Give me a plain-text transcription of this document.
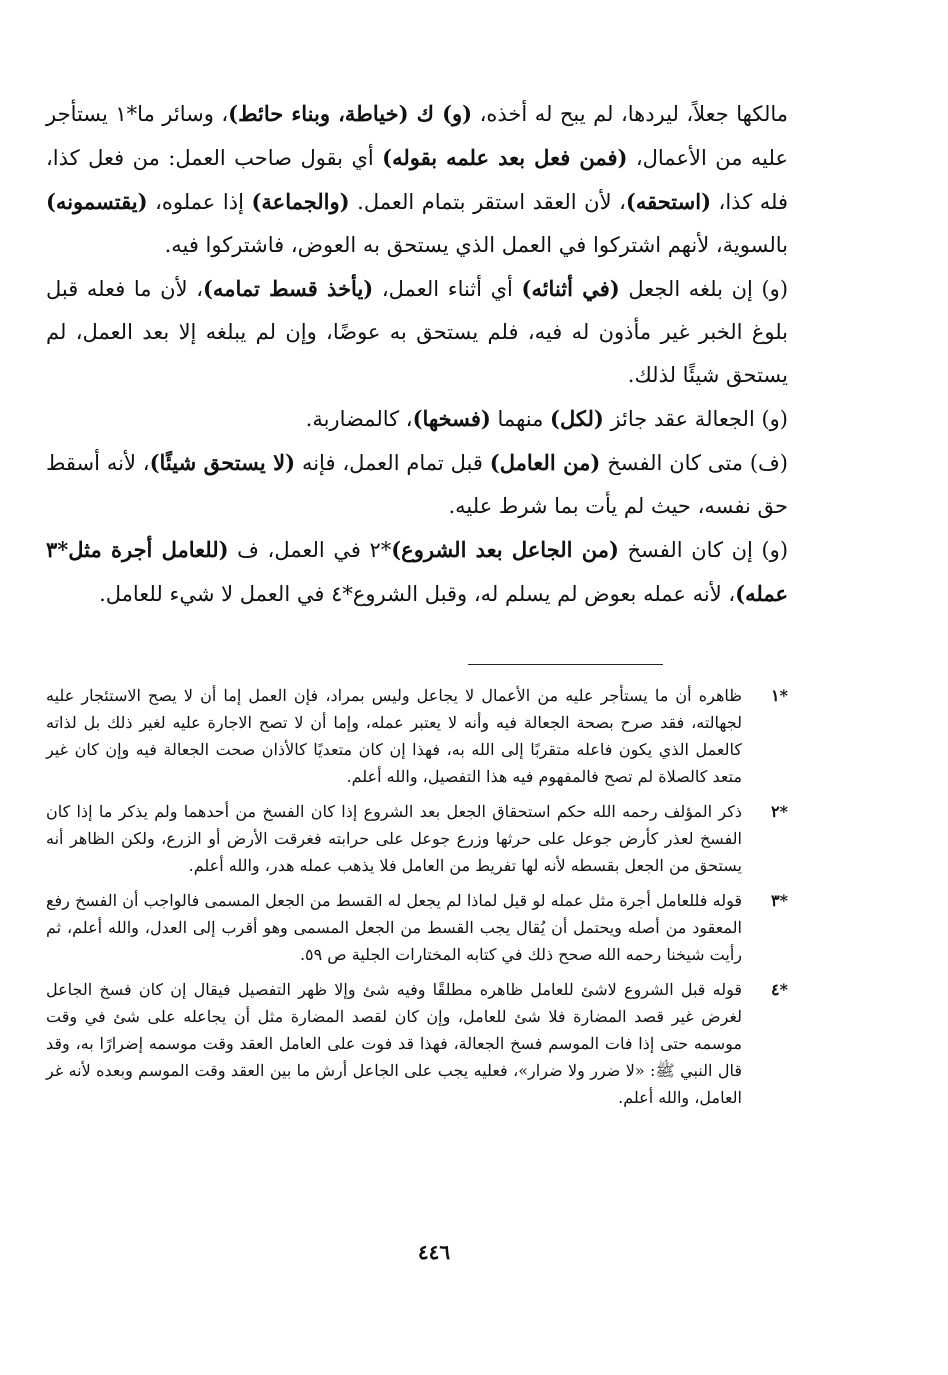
مالكها جعلاً، ليردها، لم يبح له أخذه، (و) ك (خياطة، وبناء حائط)، وسائر ما*١ يستأجر عليه من الأعمال، (فمن فعل بعد علمه بقوله) أي بقول صاحب العمل: من فعل كذا، فله كذا، (استحقه)، لأن العقد استقر بتمام العمل. (والجماعة) إذا عملوه، (يقتسمونه) بالسوية، لأنهم اشتركوا في العمل الذي يستحق به العوض، فاشتركوا فيه.

(و) إن بلغه الجعل (في أثنائه) أي أثناء العمل، (يأخذ قسط تمامه)، لأن ما فعله قبل بلوغ الخبر غير مأذون له فيه، فلم يستحق به عوضًا، وإن لم يبلغه إلا بعد العمل، لم يستحق شيئًا لذلك.

(و) الجعالة عقد جائز (لكل) منهما (فسخها)، كالمضاربة.

(ف) متى كان الفسخ (من العامل) قبل تمام العمل، فإنه (لا يستحق شيئًا)، لأنه أسقط حق نفسه، حيث لم يأت بما شرط عليه.

(و) إن كان الفسخ (من الجاعل بعد الشروع)*٢ في العمل، ف (للعامل أجرة مثل*٣ عمله)، لأنه عمله بعوض لم يسلم له، وقبل الشروع*٤ في العمل لا شيء للعامل.

*١
ظاهره أن ما يستأجر عليه من الأعمال لا يجاعل وليس بمراد، فإن العمل إما أن لا يصح الاستئجار عليه لجهالته، فقد صرح بصحة الجعالة فيه وأنه لا يعتبر عمله، وإما أن لا تصح الاجارة عليه لغير ذلك بل لذاته كالعمل الذي يكون فاعله متقربًا إلى الله به، فهذا إن كان متعديًا كالأذان صحت الجعالة فيه وإن كان غير متعد كالصلاة لم تصح فالمفهوم فيه هذا التفصيل، والله أعلم.
*٢
ذكر المؤلف رحمه الله حكم استحقاق الجعل بعد الشروع إذا كان الفسخ من أحدهما ولم يذكر ما إذا كان الفسخ لعذر كأرض جوعل على حرثها وزرع جوعل على حرابته فغرقت الأرض أو الزرع، ولكن الظاهر أنه يستحق من الجعل بقسطه لأنه لها تفريط من العامل فلا يذهب عمله هدر، والله أعلم.
*٣
قوله فللعامل أجرة مثل عمله لو قيل لماذا لم يجعل له القسط من الجعل المسمى فالواجب أن الفسخ رفع المعقود من أصله ويحتمل أن يُقال يجب القسط من الجعل المسمى وهو أقرب إلى العدل، والله أعلم، ثم رأيت شيخنا رحمه الله صحح ذلك في كتابه المختارات الجلية ص ٥٩.
*٤
قوله قبل الشروع لاشئ للعامل ظاهره مطلقًا وفيه شئ وإلا ظهر التفصيل فيقال إن كان فسخ الجاعل لغرض غير قصد المضارة فلا شئ للعامل، وإن كان لقصد المضارة مثل أن يجاعله على شئ في وقت موسمه حتى إذا فات الموسم فسخ الجعالة، فهذا قد فوت على العامل العقد وقت موسمه إضرارًا به، وقد قال النبي ﷺ: «لا ضرر ولا ضرار»، فعليه يجب على الجاعل أرش ما بين العقد وقت الموسم وبعده لأنه غر العامل، والله أعلم.
٤٤٦
